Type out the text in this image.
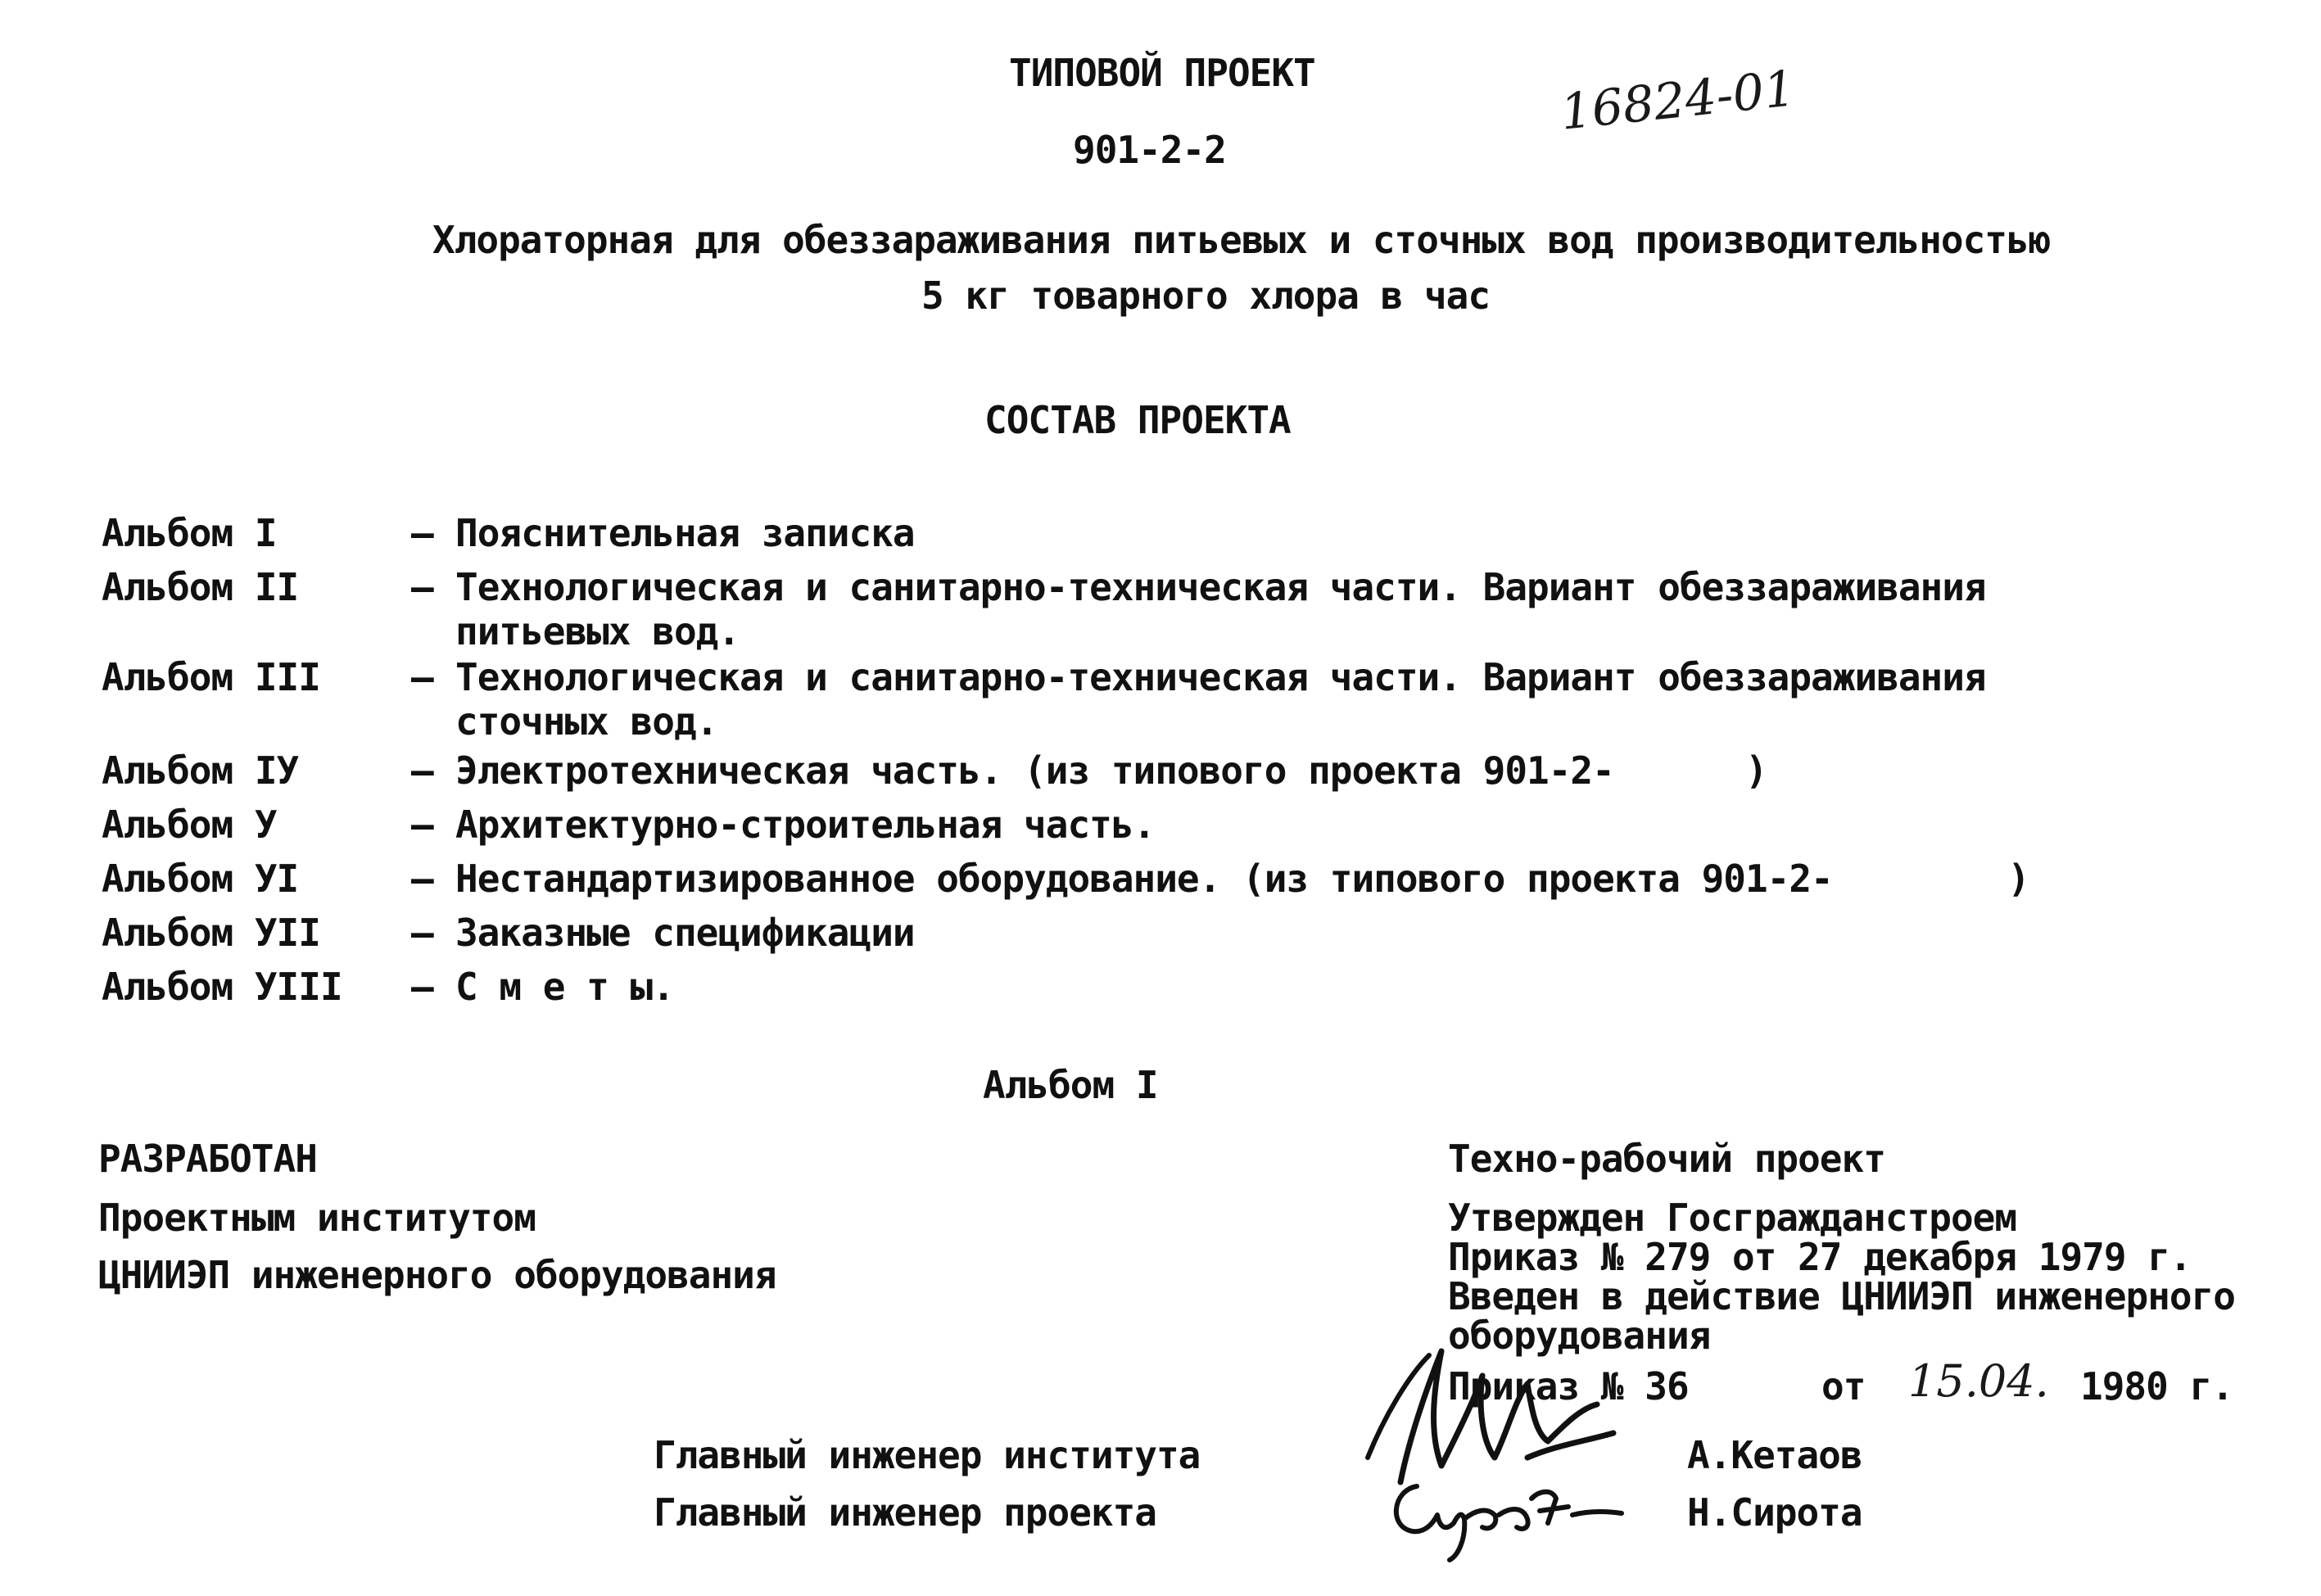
ТИПОВОЙ ПРОЕКТ
901-2-2
16824-01
Хлораторная для обеззараживания питьевых и сточных вод производительностью
5 кг товарного хлора в час
СОСТАВ ПРОЕКТА
Альбом I	– Пояснительная записка
Альбом II	– Технологическая и санитарно-техническая части. Вариант обеззараживания питьевых вод.
Альбом III – Технологическая и санитарно-техническая части. Вариант обеззараживания сточных вод.
Альбом IУ	– Электротехническая часть. (из типового проекта 901-2-      )
Альбом У	– Архитектурно-строительная часть.
Альбом УI	– Нестандартизированное оборудование. (из типового проекта 901-2-        )
Альбом УII – Заказные спецификации
Альбом УIII – С м е т ы.
Альбом I
РАЗРАБОТАН
Проектным институтом
ЦНИИЭП инженерного оборудования
Техно-рабочий проект
Утвержден Госгражданстроем
Приказ № 279 от 27 декабря 1979 г.
Введен в действие ЦНИИЭП инженерного
оборудования
Приказ № 36	от 15.04. 1980 г.
Главный инженер института
Главный инженер проекта
А.Кетаов
Н.Сирота
